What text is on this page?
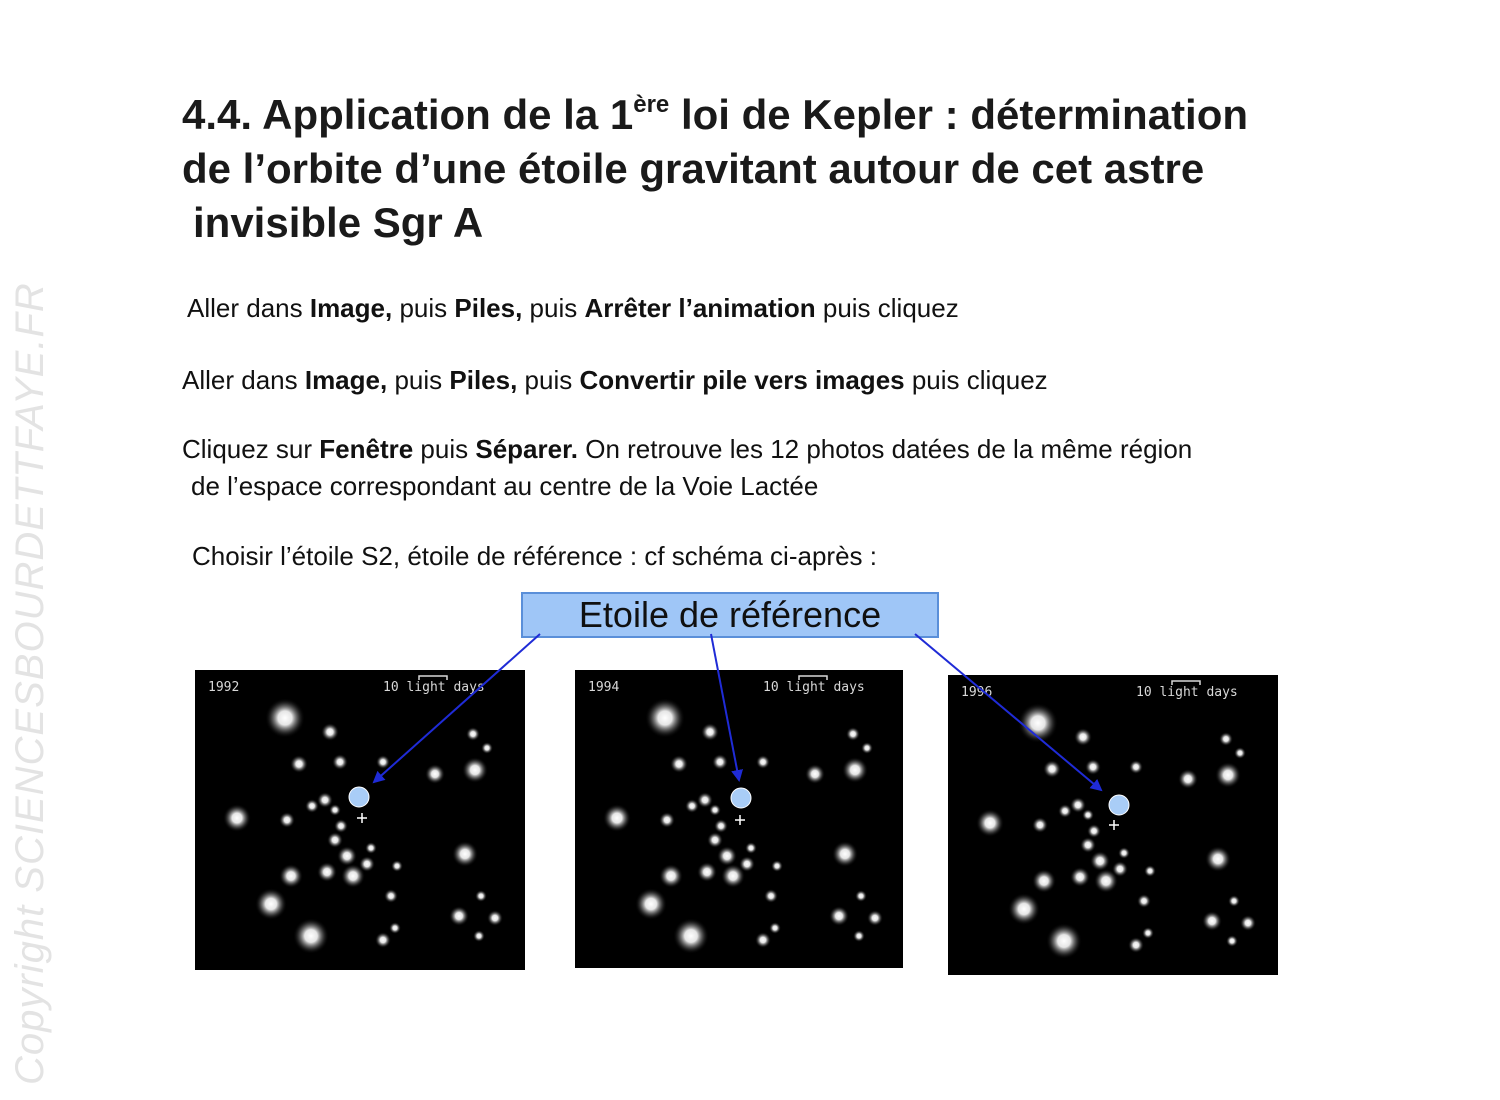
Copyright SCIENCESBOURDETTFAYE.FR
4.4. Application de la 1ère loi de Kepler : détermination
de l’orbite d’une étoile gravitant autour de cet astre
invisible Sgr A
Aller dans Image, puis Piles, puis Arrêter l’animation puis cliquez
Aller dans Image, puis Piles, puis Convertir pile vers images puis cliquez
Cliquez sur Fenêtre puis Séparer. On retrouve les 12 photos datées de la même région
de l’espace correspondant au centre de la Voie Lactée
Choisir l’étoile S2, étoile de référence : cf schéma ci-après :
Etoile de référence
1992	10 light days	1994	10 light days	1996	10 light days
